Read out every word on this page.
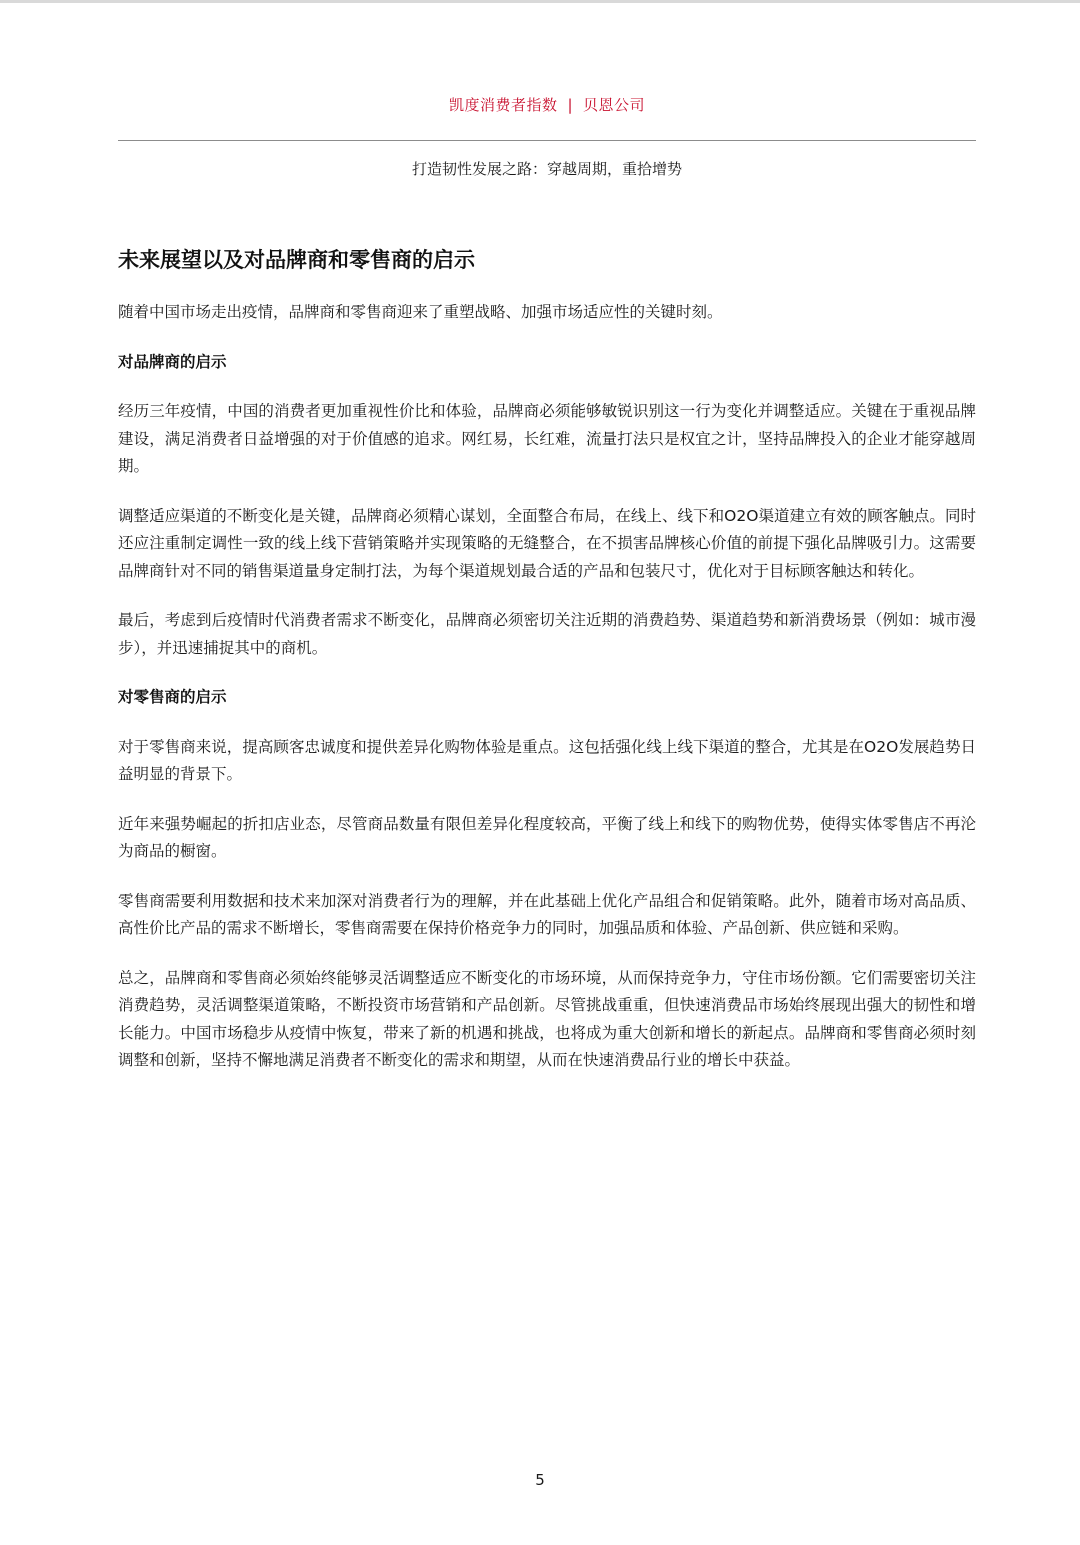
凯度消费者指数 | 贝恩公司
打造韧性发展之路：穿越周期，重拾增势
未来展望以及对品牌商和零售商的启示

随着中国市场走出疫情，品牌商和零售商迎来了重塑战略、加强市场适应性的关键时刻。

对品牌商的启示

经历三年疫情，中国的消费者更加重视性价比和体验，品牌商必须能够敏锐识别这一行为变化并调整适应。关键在于重视品牌建设，满足消费者日益增强的对于价值感的追求。网红易，长红难，流量打法只是权宜之计，坚持品牌投入的企业才能穿越周期。

调整适应渠道的不断变化是关键，品牌商必须精心谋划，全面整合布局，在线上、线下和O2O渠道建立有效的顾客触点。同时还应注重制定调性一致的线上线下营销策略并实现策略的无缝整合，在不损害品牌核心价值的前提下强化品牌吸引力。这需要品牌商针对不同的销售渠道量身定制打法，为每个渠道规划最合适的产品和包装尺寸，优化对于目标顾客触达和转化。

最后，考虑到后疫情时代消费者需求不断变化，品牌商必须密切关注近期的消费趋势、渠道趋势和新消费场景（例如：城市漫步），并迅速捕捉其中的商机。

对零售商的启示

对于零售商来说，提高顾客忠诚度和提供差异化购物体验是重点。这包括强化线上线下渠道的整合，尤其是在O2O发展趋势日益明显的背景下。

近年来强势崛起的折扣店业态，尽管商品数量有限但差异化程度较高，平衡了线上和线下的购物优势，使得实体零售店不再沦为商品的橱窗。

零售商需要利用数据和技术来加深对消费者行为的理解，并在此基础上优化产品组合和促销策略。此外，随着市场对高品质、高性价比产品的需求不断增长，零售商需要在保持价格竞争力的同时，加强品质和体验、产品创新、供应链和采购。

总之，品牌商和零售商必须始终能够灵活调整适应不断变化的市场环境，从而保持竞争力，守住市场份额。它们需要密切关注消费趋势，灵活调整渠道策略，不断投资市场营销和产品创新。尽管挑战重重，但快速消费品市场始终展现出强大的韧性和增长能力。中国市场稳步从疫情中恢复，带来了新的机遇和挑战，也将成为重大创新和增长的新起点。品牌商和零售商必须时刻调整和创新，坚持不懈地满足消费者不断变化的需求和期望，从而在快速消费品行业的增长中获益。

5
